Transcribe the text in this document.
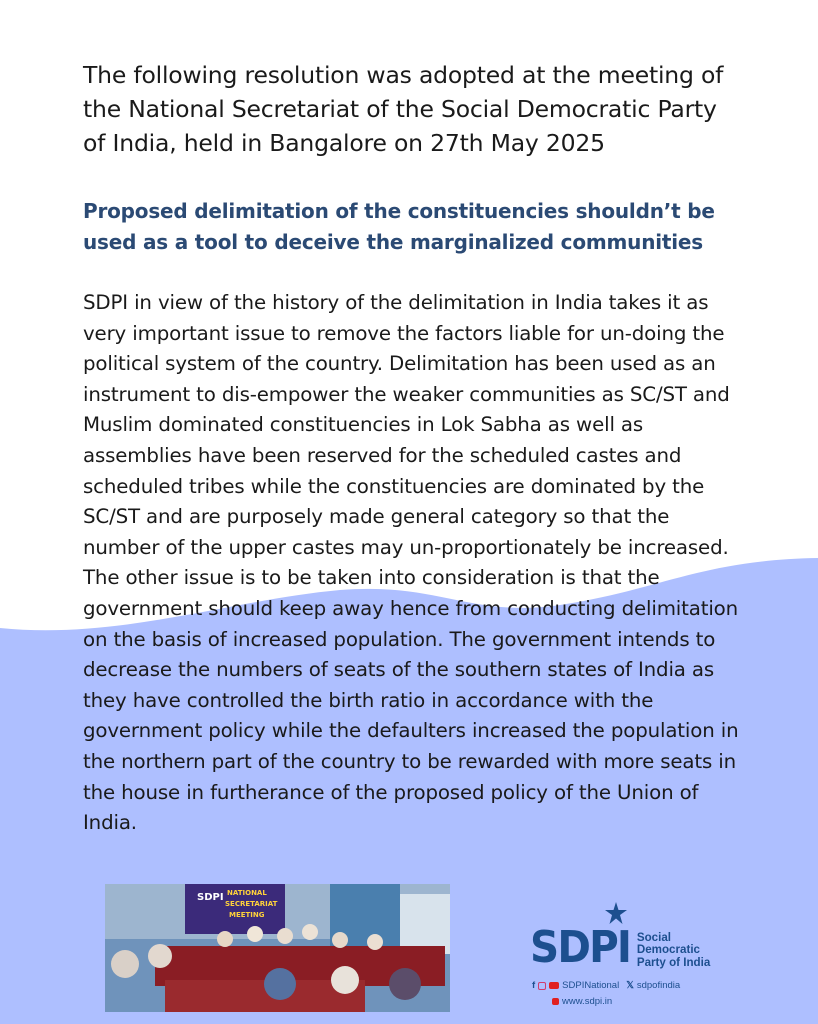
The following resolution was adopted at the meeting of the National Secretariat of the Social Democratic Party of India, held in Bangalore on 27th May 2025

Proposed delimitation of the constituencies shouldn’t be used as a tool to deceive the marginalized communities

SDPI in view of the history of the delimitation in India takes it as very important issue to remove the factors liable for un-doing the political system of the country. Delimitation has been used as an instrument to dis-empower the weaker communities as SC/ST and Muslim dominated constituencies in Lok Sabha as well as assemblies have been reserved for the scheduled castes and scheduled tribes while the constituencies are dominated by the SC/ST and are purposely made general category so that the number of the upper castes may un-proportionately be increased. The other issue is to be taken into consideration is that the government should keep away hence from conducting delimitation on the basis of increased population. The government intends to decrease the numbers of seats of the southern states of India as they have controlled the birth ratio in accordance with the government policy while the defaulters increased the population in the northern part of the country to be rewarded with more seats in the house in furtherance of the proposed policy of the Union of India.

SDPI NATIONAL
SECRETARIAT
MEETING
SDPI Social
Democratic
Party of India
f	SDPINational 𝕏 sdpofindia
www.sdpi.in
